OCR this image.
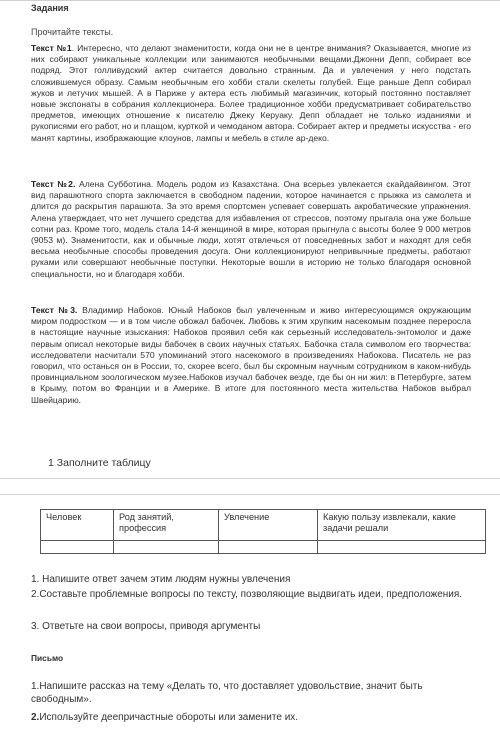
Задания
Прочитайте тексты.

Текст №1. Интересно, что делают знаменитости, когда они не в центре внимания? Оказывается, многие из них собирают уникальные коллекции или занимаются необычными вещами.Джонни Депп, собирает все подряд. Этот голливудский актер считается довольно странным. Да и увлечения у него подстать сложившемуся образу. Самым необычным его хобби стали скелеты голубей. Еще раньше Депп собирал жуков и летучих мышей. А в Париже у актера есть любимый магазинчик, который постоянно поставляет новые экспонаты в собрания коллекционера. Более традиционное хобби предусматривает собирательство предметов, имеющих отношение к писателю Джеку Керуаку. Депп обладает не только изданиями и рукописями его работ, но и плащом, курткой и чемоданом автора. Собирает актер и предметы искусства - его манят картины, изображающие клоунов, лампы и мебель в стиле ар-деко.

Текст №2. Алена Субботина. Модель родом из Казахстана. Она всерьез увлекается скайдайвингом. Этот вид парашютного спорта заключается в свободном падении, которое начинается с прыжка из самолета и длится до раскрытия парашюта. За это время спортсмен успевает совершать акробатические упражнения. Алена утверждает, что нет лучшего средства для избавления от стрессов, поэтому прыгала она уже больше сотни раз. Кроме того, модель стала 14-й женщиной в мире, которая прыгнула с высоты более 9 000 метров (9053 м). Знаменитости, как и обычные люди, хотят отвлечься от повседневных забот и находят для себя весьма необычные способы проведения досуга. Они коллекционируют непривычные предметы, работают руками или совершают необычные поступки. Некоторые вошли в историю не только благодаря основной специальности, но и благодаря хобби.

Текст №3. Владимир Набоков. Юный Набоков был увлеченным и живо интересующимся окружающим миром подростком — и в том числе обожал бабочек. Любовь к этим хрупким насекомым позднее переросла в настоящие научные изыскания: Набоков проявил себя как серьезный исследователь-энтомолог и даже первым описал некоторые виды бабочек в своих научных статьях. Бабочка стала символом его творчества: исследователи насчитали 570 упоминаний этого насекомого в произведениях Набокова. Писатель не раз говорил, что останься он в России, то, скорее всего, был бы скромным научным сотрудником в каком-нибудь провинциальном зоологическом музее.Набоков изучал бабочек везде, где бы он ни жил: в Петербурге, затем в Крыму, потом во Франции и в Америке. В итоге для постоянного места жительства Набоков выбрал Швейцарию.

1 Заполните таблицу
Человек	Род занятий, профессия	Увлечение	Какую пользу извлекали, какие задачи решали

1. Напишите ответ зачем этим людям нужны увлечения

2.Составьте проблемные вопросы по тексту, позволяющие выдвигать идеи, предположения.

3. Ответьте на свои вопросы, приводя аргументы

Письмо

1.Напишите рассказ на тему «Делать то, что доставляет удовольствие, значит быть свободным».

2.Используйте деепричастные обороты или замените их.
